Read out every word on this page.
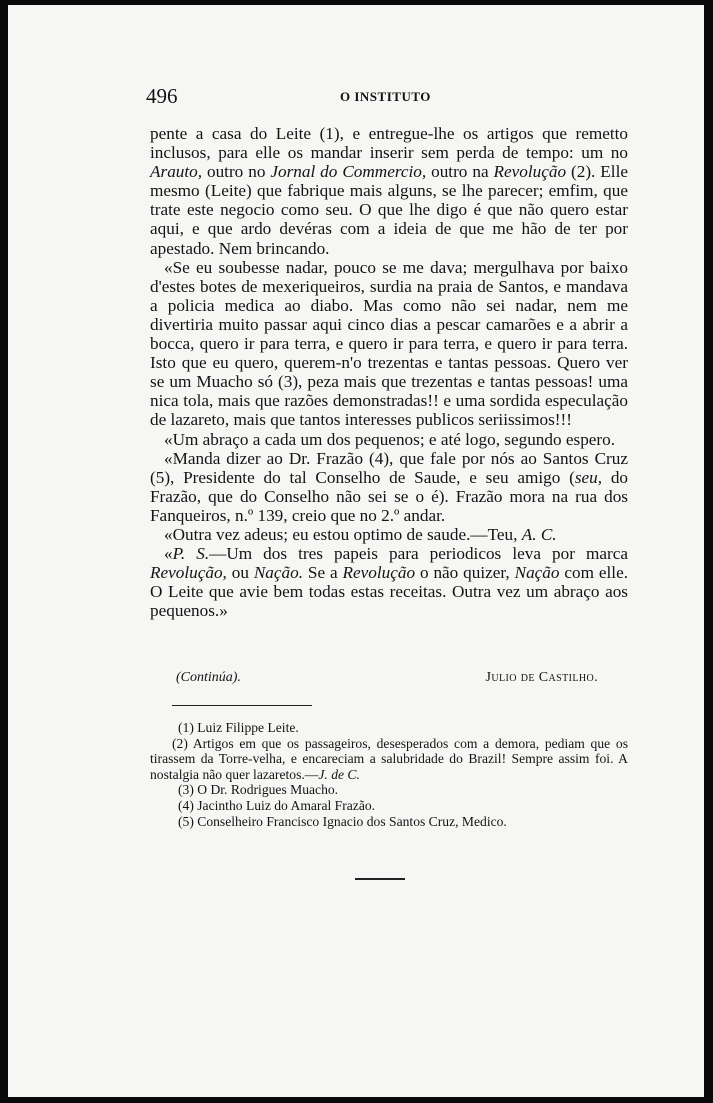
496	O INSTITUTO

pente a casa do Leite (1), e entregue-lhe os artigos que remetto inclusos, para elle os mandar inserir sem perda de tempo: um no Arauto, outro no Jornal do Commercio, outro na Revolução (2). Elle mesmo (Leite) que fabrique mais alguns, se lhe parecer; emfim, que trate este negocio como seu. O que lhe digo é que não quero estar aqui, e que ardo devéras com a ideia de que me hão de ter por apestado. Nem brincando.

«Se eu soubesse nadar, pouco se me dava; mergulhava por baixo d'estes botes de mexeriqueiros, surdia na praia de Santos, e mandava a policia medica ao diabo. Mas como não sei nadar, nem me divertiria muito passar aqui cinco dias a pescar camarões e a abrir a bocca, quero ir para terra, e quero ir para terra, e quero ir para terra. Isto que eu quero, querem-n'o trezentas e tantas pessoas. Quero ver se um Muacho só (3), peza mais que trezentas e tantas pessoas! uma nica tola, mais que razões demonstradas!! e uma sordida especulação de lazareto, mais que tantos interesses publicos seriissimos!!!

«Um abraço a cada um dos pequenos; e até logo, segundo espero.

«Manda dizer ao Dr. Frazão (4), que fale por nós ao Santos Cruz (5), Presidente do tal Conselho de Saude, e seu amigo (seu, do Frazão, que do Conselho não sei se o é). Frazão mora na rua dos Fanqueiros, n.º 139, creio que no 2.º andar.

«Outra vez adeus; eu estou optimo de saude.—Teu, A. C.

«P. S.—Um dos tres papeis para periodicos leva por marca Revolução, ou Nação. Se a Revolução o não quizer, Nação com elle. O Leite que avie bem todas estas receitas. Outra vez um abraço aos pequenos.»

(Continúa).	Julio de Castilho.

(1) Luiz Filippe Leite.

(2) Artigos em que os passageiros, desesperados com a demora, pediam que os tirassem da Torre-velha, e encareciam a salubridade do Brazil! Sempre assim foi. A nostalgia não quer lazaretos.—J. de C.

(3) O Dr. Rodrigues Muacho.

(4) Jacintho Luiz do Amaral Frazão.

(5) Conselheiro Francisco Ignacio dos Santos Cruz, Medico.
